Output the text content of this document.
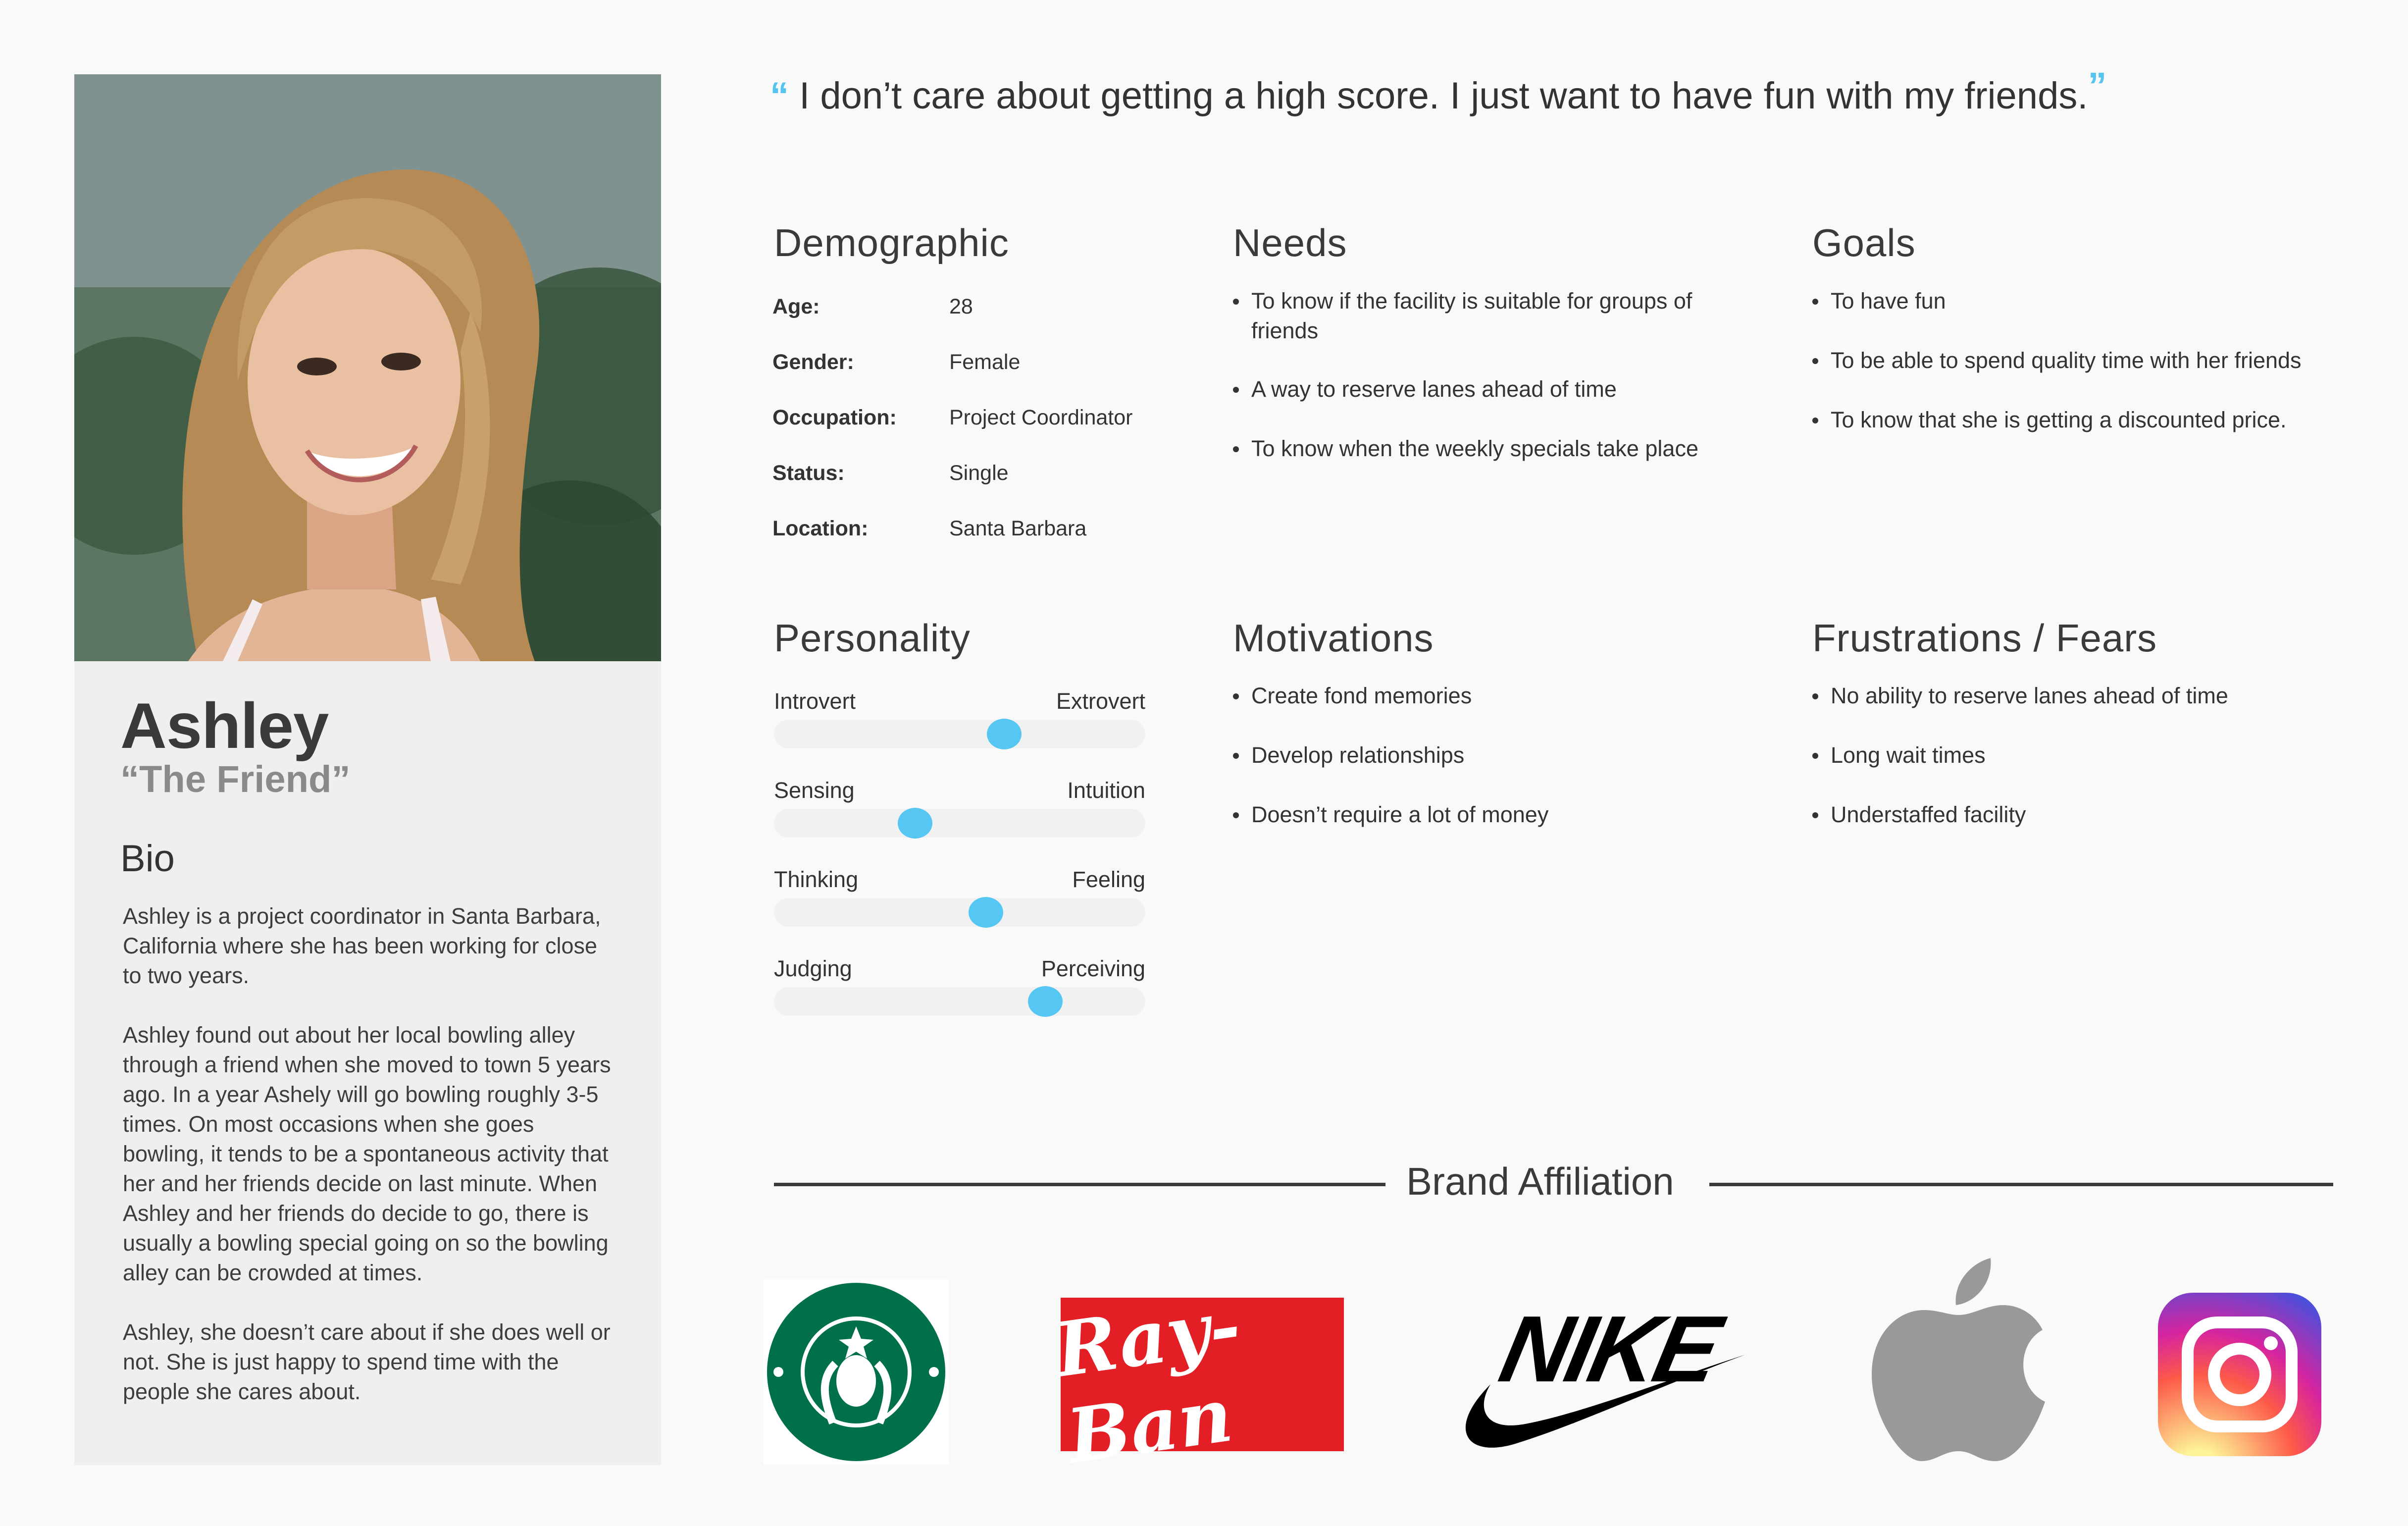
Ashley
“The Friend”
Bio
Ashley is a project coordinator in Santa Barbara, California where she has been working for close to two years.
Ashley found out about her local bowling alley through a friend when she moved to town 5 years ago. In a year Ashely will go bowling roughly 3-5 times. On most occasions when she goes bowling, it tends to be a spontaneous activity that her and her friends decide on last minute. When Ashley and her friends do decide to go, there is usually a bowling special going on so the bowling alley can be crowded at times.
Ashley, she doesn’t care about if she does well or not. She is just happy to spend time with the people she cares about.
“ I don’t care about getting a high score. I just want to have fun with my friends.”
Demographic
Age:	28
Gender:	Female
Occupation: Project Coordinator
Status:	Single
Location:	Santa Barbara
Needs
To know if the facility is suitable for groups of friends
A way to reserve lanes ahead of time
To know when the weekly specials take place
Goals
To have fun
To be able to spend quality time with her friends
To know that she is getting a discounted price.
Personality
Introvert	Extrovert
Sensing	Intuition
Thinking	Feeling
Judging	Perceiving
Motivations
Create fond memories
Develop relationships
Doesn’t require a lot of money
Frustrations / Fears
No ability to reserve lanes ahead of time
Long wait times
Understaffed facility
Brand Affiliation
Ray-Ban
NIKE
